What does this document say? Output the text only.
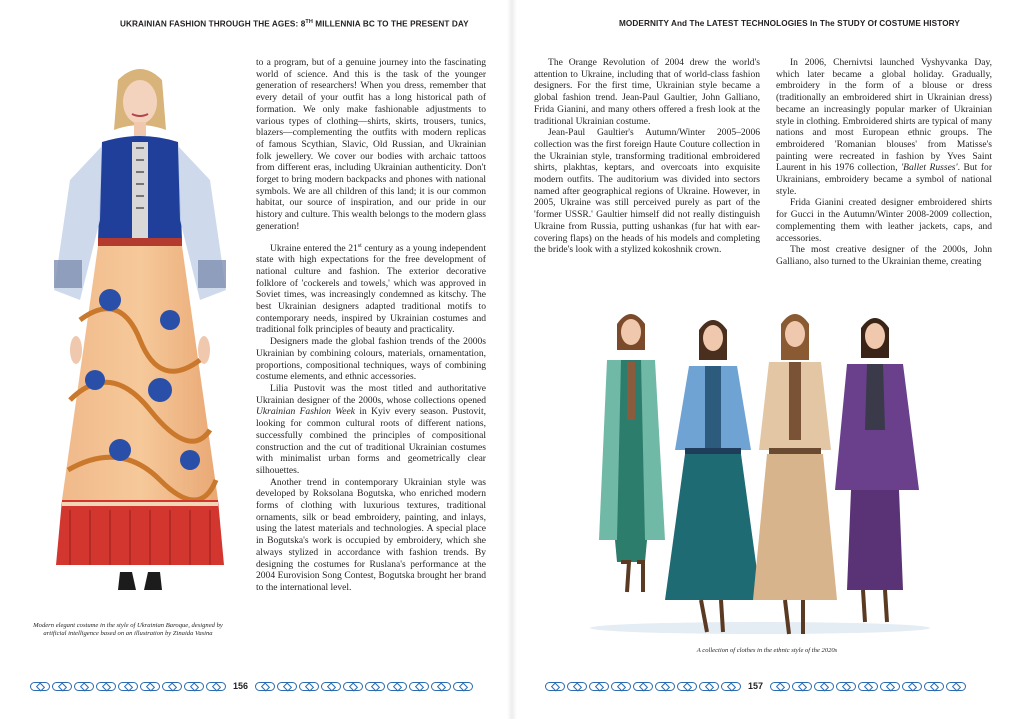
UKRAINIAN FASHION THROUGH THE AGES: 8TH MILLENNIA BC TO THE PRESENT DAY
Modern elegant costume in the style of Ukrainian Baroque, designed by artificial intelligence based on an illustration by Zinaida Vasina

to a program, but of a genuine journey into the fascinating world of science. And this is the task of the younger generation of researchers! When you dress, remember that every detail of your outfit has a long historical path of formation. We only make fashionable adjustments to various types of clothing—shirts, skirts, trousers, tunics, blazers—complementing the outfits with modern replicas of famous Scythian, Slavic, Old Russian, and Ukrainian folk jewellery. We cover our bodies with archaic tattoos from different eras, including Ukrainian authenticity. Don't forget to bring modern backpacks and phones with national symbols. We are all children of this land; it is our common habitat, our source of inspiration, and our pride in our history and culture. This wealth belongs to the modern glass generation!

Ukraine entered the 21st century as a young independent state with high expectations for the free development of national culture and fashion. The exterior decorative folklore of 'cockerels and towels,' which was approved in Soviet times, was increasingly condemned as kitschy. The best Ukrainian designers adapted traditional motifs to contemporary needs, inspired by Ukrainian costumes and traditional folk principles of beauty and practicality.

Designers made the global fashion trends of the 2000s Ukrainian by combining colours, materials, ornamentation, proportions, compositional techniques, ways of combining costume elements, and ethnic accessories.

Lilia Pustovit was the most titled and authoritative Ukrainian designer of the 2000s, whose collections opened Ukrainian Fashion Week in Kyiv every season. Pustovit, looking for common cultural roots of different nations, successfully combined the principles of compositional construction and the cut of traditional Ukrainian costumes with minimalist urban forms and geometrically clear silhouettes.

Another trend in contemporary Ukrainian style was developed by Roksolana Bogutska, who enriched modern forms of clothing with luxurious textures, traditional ornaments, silk or bead embroidery, painting, and inlays, using the latest materials and technologies. A special place in Bogutska's work is occupied by embroidery, which she always stylized in accordance with fashion trends. By designing the costumes for Ruslana's performance at the 2004 Eurovision Song Contest, Bogutska brought her brand to the international level.

156
MODERNITY And The LATEST TECHNOLOGIES In The STUDY Of COSTUME HISTORY

The Orange Revolution of 2004 drew the world's attention to Ukraine, including that of world-class fashion designers. For the first time, Ukrainian style became a global fashion trend. Jean-Paul Gaultier, John Galliano, Frida Gianini, and many others offered a fresh look at the traditional Ukrainian costume.

Jean-Paul Gaultier's Autumn/Winter 2005–2006 collection was the first foreign Haute Couture collection in the Ukrainian style, transforming traditional embroidered shirts, plakhtas, keptars, and overcoats into exquisite modern outfits. The auditorium was divided into sectors named after geographical regions of Ukraine. However, in 2005, Ukraine was still perceived purely as part of the 'former USSR.' Gaultier himself did not really distinguish Ukraine from Russia, putting ushankas (fur hat with ear-covering flaps) on the heads of his models and completing the bride's look with a stylized kokoshnik crown.

In 2006, Chernivtsi launched Vyshyvanka Day, which later became a global holiday. Gradually, embroidery in the form of a blouse or dress (traditionally an embroidered shirt in Ukrainian dress) became an increasingly popular marker of Ukrainian style in clothing. Embroidered shirts are typical of many nations and most European ethnic groups. The embroidered 'Romanian blouses' from Matisse's painting were recreated in fashion by Yves Saint Laurent in his 1976 collection, 'Ballet Russes'. But for Ukrainians, embroidery became a symbol of national style.

Frida Gianini created designer embroidered shirts for Gucci in the Autumn/Winter 2008-2009 collection, complementing them with leather jackets, caps, and accessories.

The most creative designer of the 2000s, John Galliano, also turned to the Ukrainian theme, creating

A collection of clothes in the ethnic style of the 2020s
157
